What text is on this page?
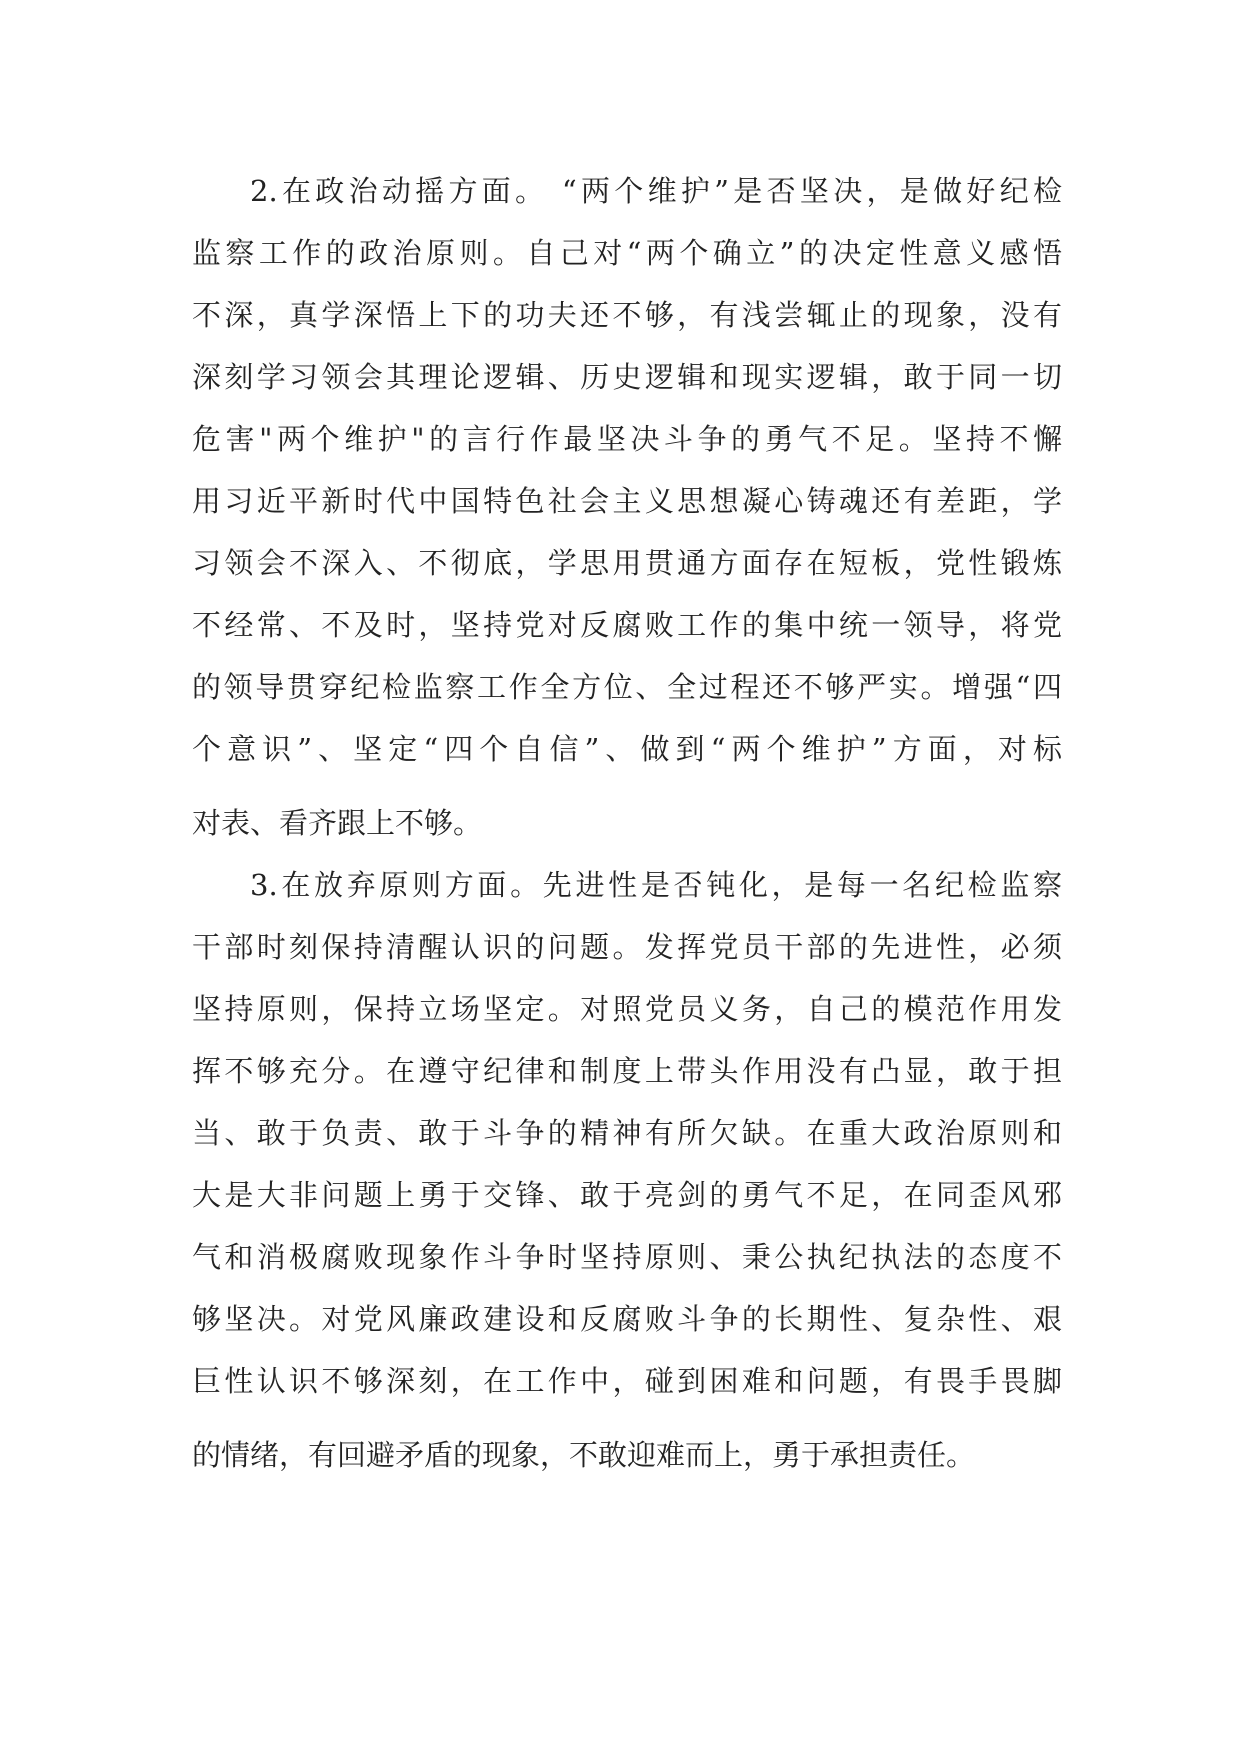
2.在政治动摇方面。 “两个维护”是否坚决，是做好纪检
监察工作的政治原则。自己对“两个确立”的决定性意义感悟
不深，真学深悟上下的功夫还不够，有浅尝辄止的现象，没有
深刻学习领会其理论逻辑、历史逻辑和现实逻辑，敢于同一切
危害"两个维护"的言行作最坚决斗争的勇气不足。坚持不懈
用习近平新时代中国特色社会主义思想凝心铸魂还有差距，学
习领会不深入、不彻底，学思用贯通方面存在短板，党性锻炼
不经常、不及时，坚持党对反腐败工作的集中统一领导，将党
的领导贯穿纪检监察工作全方位、全过程还不够严实。增强“四
个意识”、坚定“四个自信”、做到“两个维护”方面，对标
对表、看齐跟上不够。
3.在放弃原则方面。先进性是否钝化，是每一名纪检监察
干部时刻保持清醒认识的问题。发挥党员干部的先进性，必须
坚持原则，保持立场坚定。对照党员义务，自己的模范作用发
挥不够充分。在遵守纪律和制度上带头作用没有凸显，敢于担
当、敢于负责、敢于斗争的精神有所欠缺。在重大政治原则和
大是大非问题上勇于交锋、敢于亮剑的勇气不足，在同歪风邪
气和消极腐败现象作斗争时坚持原则、秉公执纪执法的态度不
够坚决。对党风廉政建设和反腐败斗争的长期性、复杂性、艰
巨性认识不够深刻，在工作中，碰到困难和问题，有畏手畏脚
的情绪，有回避矛盾的现象，不敢迎难而上，勇于承担责任。
